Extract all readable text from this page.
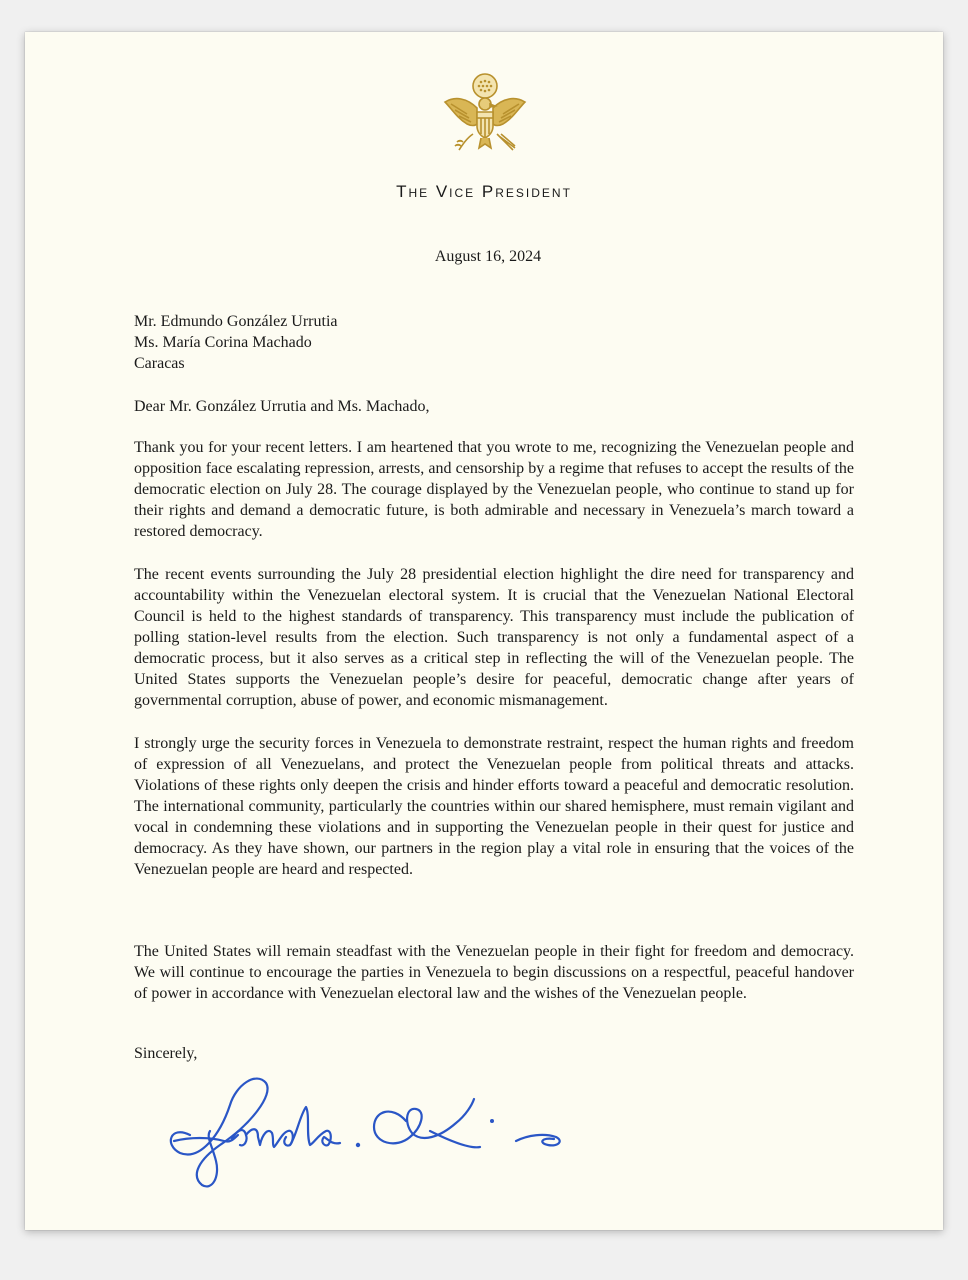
The Vice President
August 16, 2024
Mr. Edmundo González Urrutia
Ms. María Corina Machado
Caracas
Dear Mr. González Urrutia and Ms. Machado,
Thank you for your recent letters. I am heartened that you wrote to me, recognizing the Venezuelan people and opposition face escalating repression, arrests, and censorship by a regime that refuses to accept the results of the democratic election on July 28. The courage displayed by the Venezuelan people, who continue to stand up for their rights and demand a democratic future, is both admirable and necessary in Venezuela’s march toward a restored democracy.
The recent events surrounding the July 28 presidential election highlight the dire need for transparency and accountability within the Venezuelan electoral system. It is crucial that the Venezuelan National Electoral Council is held to the highest standards of transparency. This transparency must include the publication of polling station-level results from the election. Such transparency is not only a fundamental aspect of a democratic process, but it also serves as a critical step in reflecting the will of the Venezuelan people. The United States supports the Venezuelan people’s desire for peaceful, democratic change after years of governmental corruption, abuse of power, and economic mismanagement.
I strongly urge the security forces in Venezuela to demonstrate restraint, respect the human rights and freedom of expression of all Venezuelans, and protect the Venezuelan people from political threats and attacks. Violations of these rights only deepen the crisis and hinder efforts toward a peaceful and democratic resolution. The international community, particularly the countries within our shared hemisphere, must remain vigilant and vocal in condemning these violations and in supporting the Venezuelan people in their quest for justice and democracy. As they have shown, our partners in the region play a vital role in ensuring that the voices of the Venezuelan people are heard and respected.
The United States will remain steadfast with the Venezuelan people in their fight for freedom and democracy. We will continue to encourage the parties in Venezuela to begin discussions on a respectful, peaceful handover of power in accordance with Venezuelan electoral law and the wishes of the Venezuelan people.
Sincerely,
